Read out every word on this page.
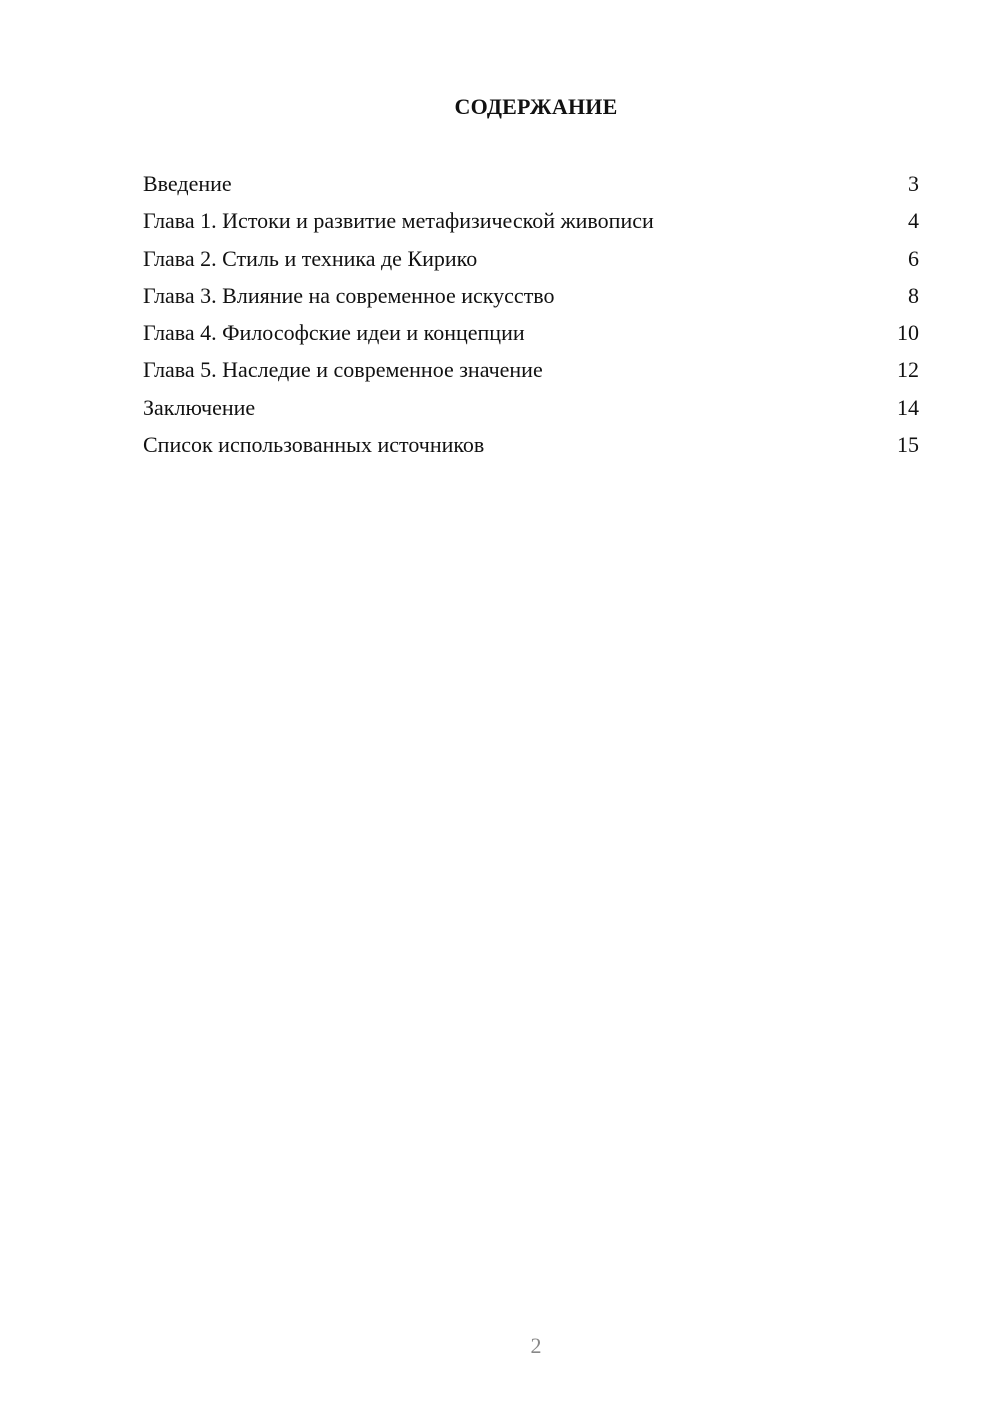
СОДЕРЖАНИЕ
Введение	3
Глава 1. Истоки и развитие метафизической живописи	4
Глава 2. Стиль и техника де Кирико	6
Глава 3. Влияние на современное искусство	8
Глава 4. Философские идеи и концепции	10
Глава 5. Наследие и современное значение	12
Заключение	14
Список использованных источников	15
2
